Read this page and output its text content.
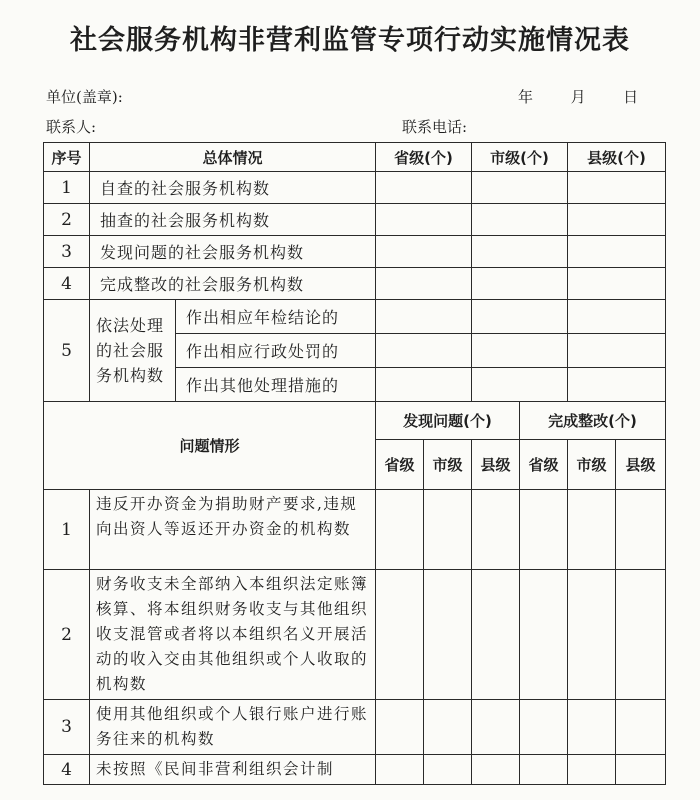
社会服务机构非营利监管专项行动实施情况表
单位(盖章):	年	月	日
联系人:	联系电话:
序号	总体情况		省级(个)		市级(个)		县级(个)	
1	自查的社会服务机构数							
2	抽查的社会服务机构数							
3	发现问题的社会服务机构数							
4	完成整改的社会服务机构数							
5	依法处理的社会服务机构数	作出相应年检结论的						
		作出相应行政处罚的						
		作出其他处理措施的						
问题情形			发现问题(个)			完成整改(个)		
			省级	市级	县级	省级	市级	县级
1	违反开办资金为捐助财产要求,违规向出资人等返还开办资金的机构数							
2	财务收支未全部纳入本组织法定账簿核算、将本组织财务收支与其他组织收支混管或者将以本组织名义开展活动的收入交由其他组织或个人收取的机构数							
3	使用其他组织或个人银行账户进行账务往来的机构数							
4	未按照《民间非营利组织会计制							
